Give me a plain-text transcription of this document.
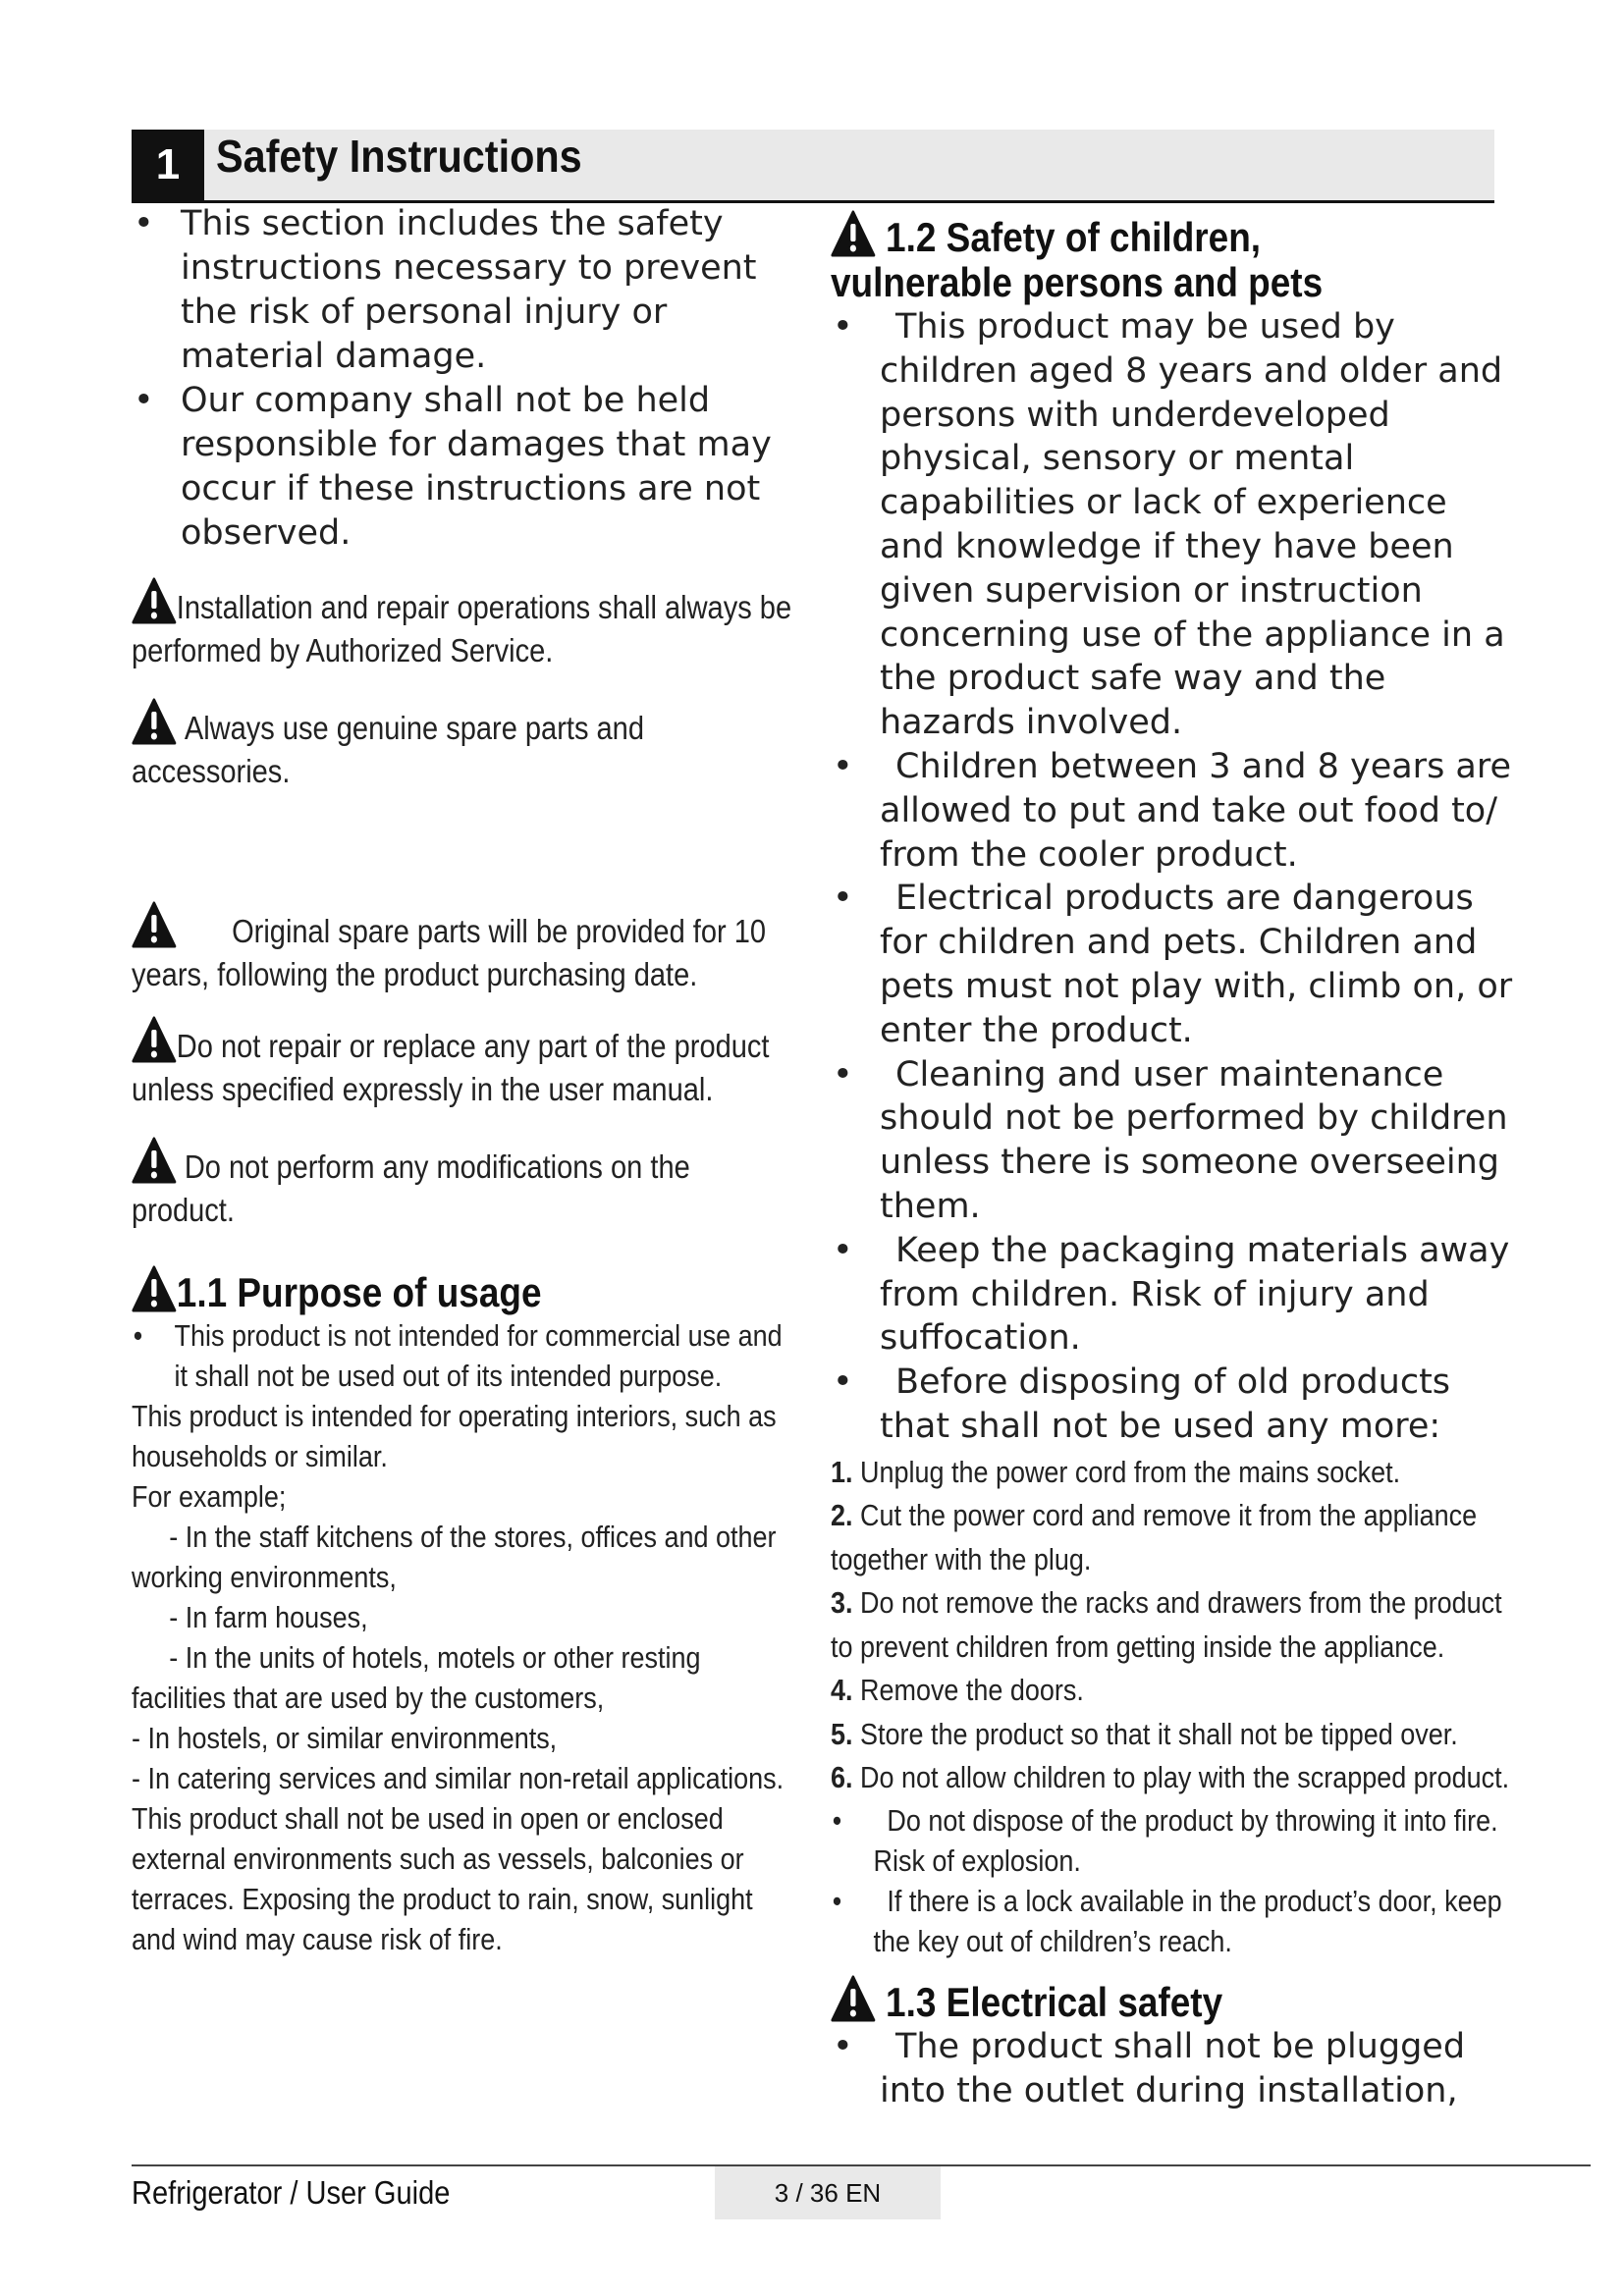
1 Safety Instructions
• This section includes the safety instructions necessary to prevent the risk of personal injury or material damage.
• Our company shall not be held responsible for damages that may occur if these instructions are not observed.

Installation and repair operations shall always be performed by Authorized Service.

Always use genuine spare parts and accessories.

Original spare parts will be provided for 10 years, following the product purchasing date.

Do not repair or replace any part of the product unless specified expressly in the user manual.

Do not perform any modifications on the product.

1.1 Purpose of usage
• This product is not intended for commercial use and it shall not be used out of its intended purpose.
This product is intended for operating interiors, such as households or similar.
For example;
- In the staff kitchens of the stores, offices and other working environments,
- In farm houses,
- In the units of hotels, motels or other resting facilities that are used by the customers,
- In hostels, or similar environments,
- In catering services and similar non-retail applications.
This product shall not be used in open or enclosed external environments such as vessels, balconies or terraces. Exposing the product to rain, snow, sunlight and wind may cause risk of fire.
1.2 Safety of children,
vulnerable persons and pets
• This product may be used by children aged 8 years and older and persons with underdeveloped physical, sensory or mental capabilities or lack of experience and knowledge if they have been given supervision or instruction concerning use of the appliance in a the product safe way and the hazards involved.
• Children between 3 and 8 years are allowed to put and take out food to/ from the cooler product.
• Electrical products are dangerous for children and pets. Children and pets must not play with, climb on, or enter the product.
• Cleaning and user maintenance should not be performed by children unless there is someone overseeing them.
• Keep the packaging materials away from children. Risk of injury and suffocation.
• Before disposing of old products that shall not be used any more:
1. Unplug the power cord from the mains socket.
2. Cut the power cord and remove it from the appliance together with the plug.
3. Do not remove the racks and drawers from the product to prevent children from getting inside the appliance.
4. Remove the doors.
5. Store the product so that it shall not be tipped over.
6. Do not allow children to play with the scrapped product.
• Do not dispose of the product by throwing it into fire. Risk of explosion.
• If there is a lock available in the product’s door, keep the key out of children’s reach.
1.3 Electrical safety
• The product shall not be plugged into the outlet during installation,
Refrigerator / User Guide	3 / 36 EN
